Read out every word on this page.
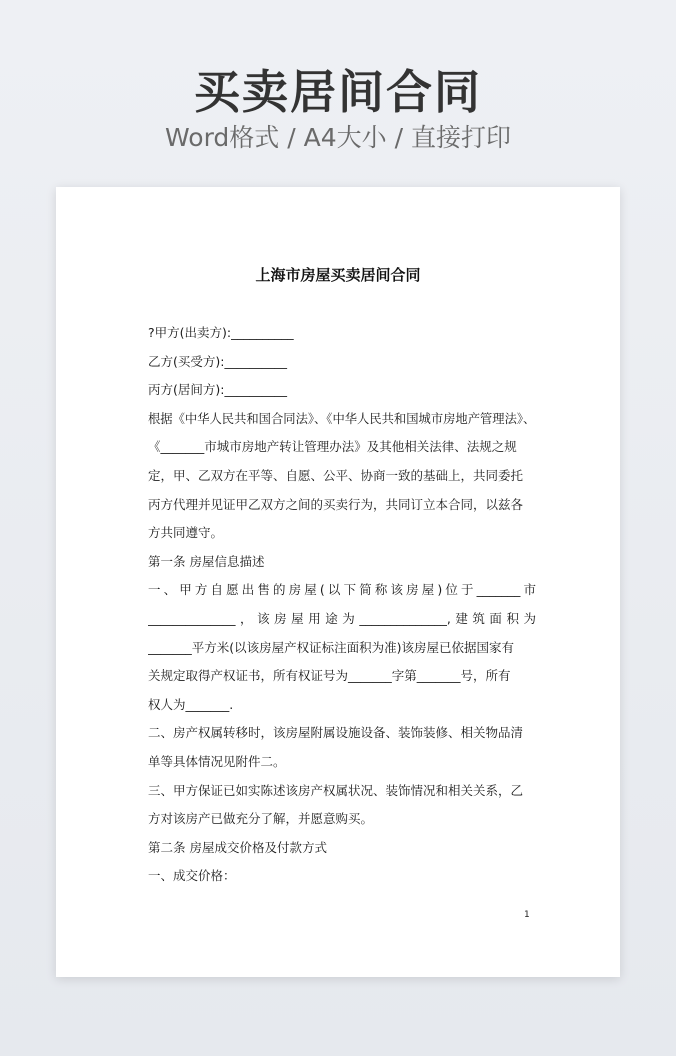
买卖居间合同
Word格式 / A4大小 / 直接打印
上海市房屋买卖居间合同
?甲方(出卖方):__________
乙方(买受方):__________
丙方(居间方):__________
根据《中华人民共和国合同法》、《中华人民共和国城市房地产管理法》、
《_______市城市房地产转让管理办法》及其他相关法律、法规之规
定，甲、乙双方在平等、自愿、公平、协商一致的基础上，共同委托
丙方代理并见证甲乙双方之间的买卖行为，共同订立本合同，以兹各
方共同遵守。
第一条 房屋信息描述
一、甲方自愿出售的房屋(以下简称该房屋)位于_______市
______________，该房屋用途为______________,建筑面积为
_______平方米(以该房屋产权证标注面积为准)该房屋已依据国家有
关规定取得产权证书，所有权证号为_______字第_______号，所有
权人为_______.
二、房产权属转移时，该房屋附属设施设备、装饰装修、相关物品清
单等具体情况见附件二。
三、甲方保证已如实陈述该房产权属状况、装饰情况和相关关系，乙
方对该房产已做充分了解，并愿意购买。
第二条 房屋成交价格及付款方式
一、成交价格：
1
